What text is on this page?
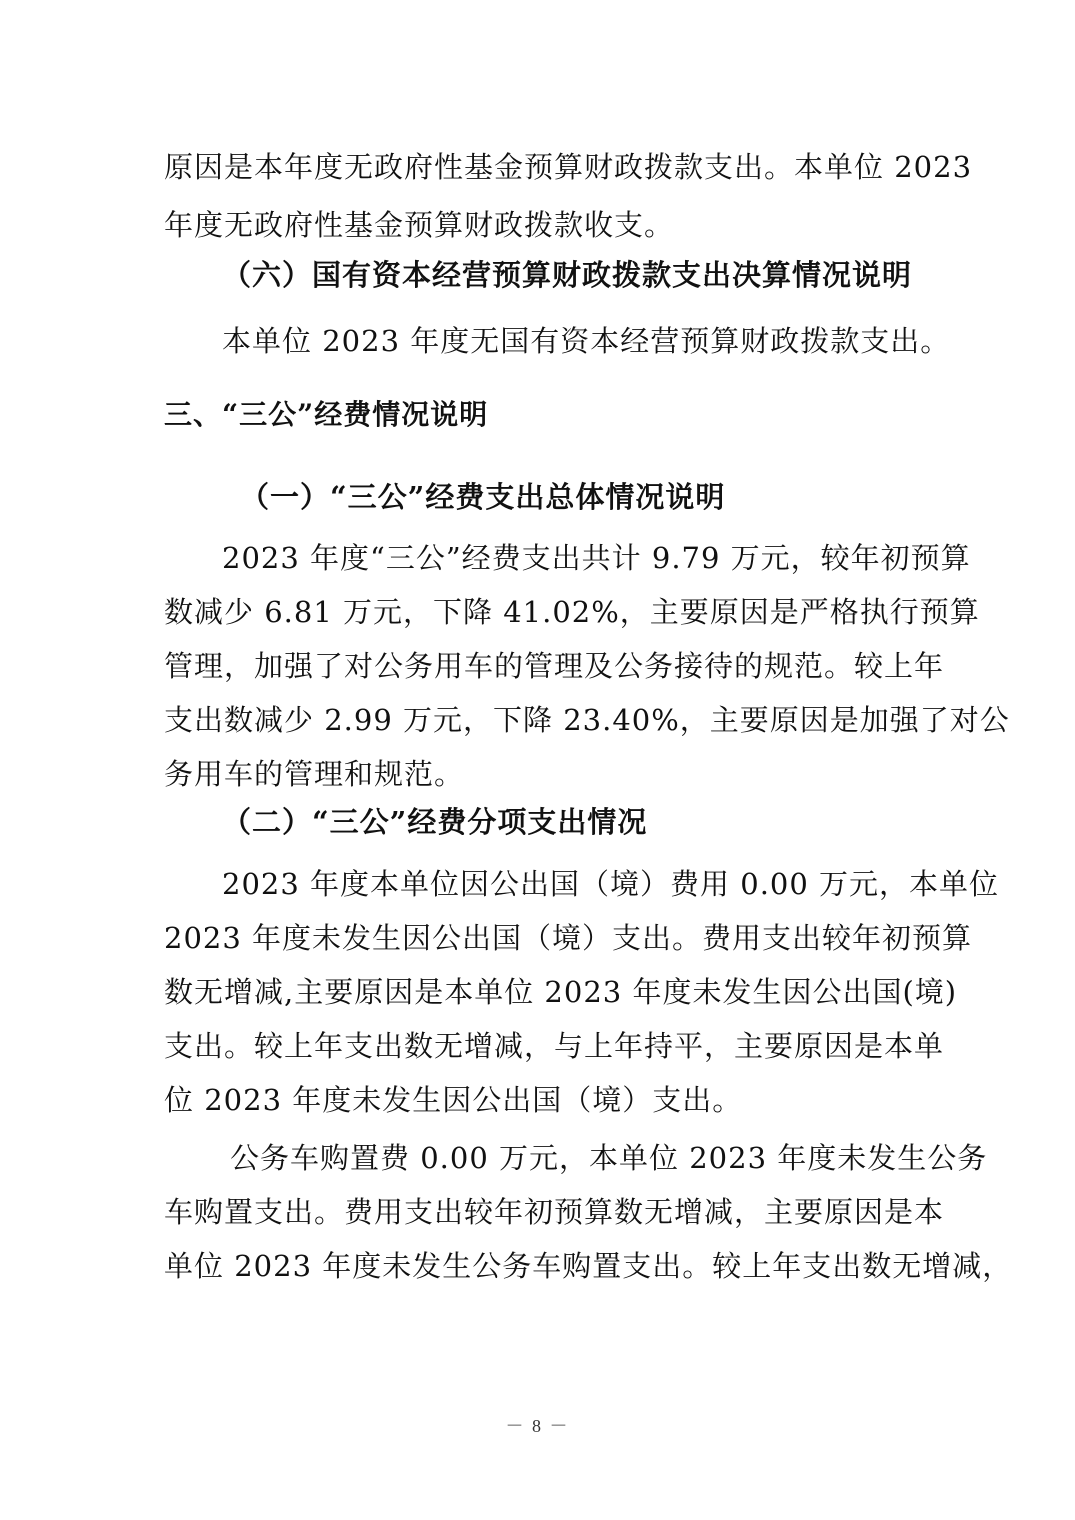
原因是本年度无政府性基金预算财政拨款支出。本单位 2023
年度无政府性基金预算财政拨款收支。
（六）国有资本经营预算财政拨款支出决算情况说明
本单位 2023 年度无国有资本经营预算财政拨款支出。
三、“三公”经费情况说明
（一）“三公”经费支出总体情况说明
2023 年度“三公”经费支出共计 9.79 万元，较年初预算
数减少 6.81 万元，下降 41.02%，主要原因是严格执行预算
管理，加强了对公务用车的管理及公务接待的规范。较上年
支出数减少 2.99 万元，下降 23.40%，主要原因是加强了对公
务用车的管理和规范。
（二）“三公”经费分项支出情况
2023 年度本单位因公出国（境）费用 0.00 万元，本单位
2023 年度未发生因公出国（境）支出。费用支出较年初预算
数无增减,主要原因是本单位 2023 年度未发生因公出国(境)
支出。较上年支出数无增减，与上年持平，主要原因是本单
位 2023 年度未发生因公出国（境）支出。
公务车购置费 0.00 万元，本单位 2023 年度未发生公务
车购置支出。费用支出较年初预算数无增减，主要原因是本
单位 2023 年度未发生公务车购置支出。较上年支出数无增减，
－ 8 －
